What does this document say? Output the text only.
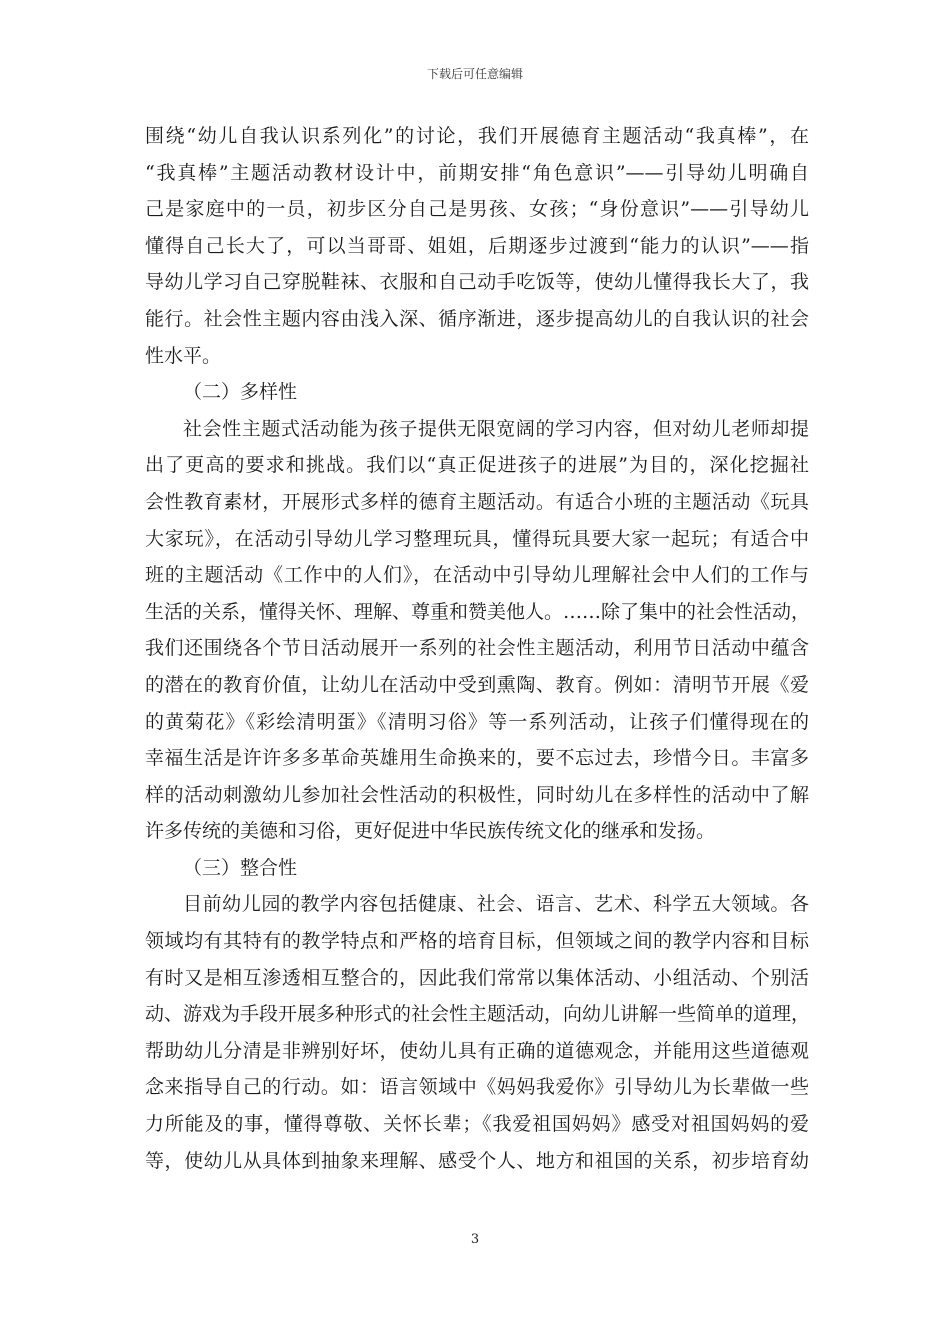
下载后可任意编辑
围绕“幼儿自我认识系列化”的讨论，我们开展德育主题活动“我真棒”，在
“我真棒”主题活动教材设计中，前期安排“角色意识”——引导幼儿明确自
己是家庭中的一员，初步区分自己是男孩、女孩；“身份意识”——引导幼儿
懂得自己长大了，可以当哥哥、姐姐，后期逐步过渡到“能力的认识”——指
导幼儿学习自己穿脱鞋袜、衣服和自己动手吃饭等，使幼儿懂得我长大了，我
能行。社会性主题内容由浅入深、循序渐进，逐步提高幼儿的自我认识的社会
性水平。
（二）多样性
社会性主题式活动能为孩子提供无限宽阔的学习内容，但对幼儿老师却提
出了更高的要求和挑战。我们以“真正促进孩子的进展”为目的，深化挖掘社
会性教育素材，开展形式多样的德育主题活动。有适合小班的主题活动《玩具
大家玩》，在活动引导幼儿学习整理玩具，懂得玩具要大家一起玩；有适合中
班的主题活动《工作中的人们》，在活动中引导幼儿理解社会中人们的工作与
生活的关系，懂得关怀、理解、尊重和赞美他人。……除了集中的社会性活动，
我们还围绕各个节日活动展开一系列的社会性主题活动，利用节日活动中蕴含
的潜在的教育价值，让幼儿在活动中受到熏陶、教育。例如：清明节开展《爱
的黄菊花》《彩绘清明蛋》《清明习俗》等一系列活动，让孩子们懂得现在的
幸福生活是许许多多革命英雄用生命换来的，要不忘过去，珍惜今日。丰富多
样的活动刺激幼儿参加社会性活动的积极性，同时幼儿在多样性的活动中了解
许多传统的美德和习俗，更好促进中华民族传统文化的继承和发扬。
（三）整合性
目前幼儿园的教学内容包括健康、社会、语言、艺术、科学五大领域。各
领域均有其特有的教学特点和严格的培育目标，但领域之间的教学内容和目标
有时又是相互渗透相互整合的，因此我们常常以集体活动、小组活动、个别活
动、游戏为手段开展多种形式的社会性主题活动，向幼儿讲解一些简单的道理，
帮助幼儿分清是非辨别好坏，使幼儿具有正确的道德观念，并能用这些道德观
念来指导自己的行动。如：语言领域中《妈妈我爱你》引导幼儿为长辈做一些
力所能及的事，懂得尊敬、关怀长辈；《我爱祖国妈妈》感受对祖国妈妈的爱
等，使幼儿从具体到抽象来理解、感受个人、地方和祖国的关系，初步培育幼
3
